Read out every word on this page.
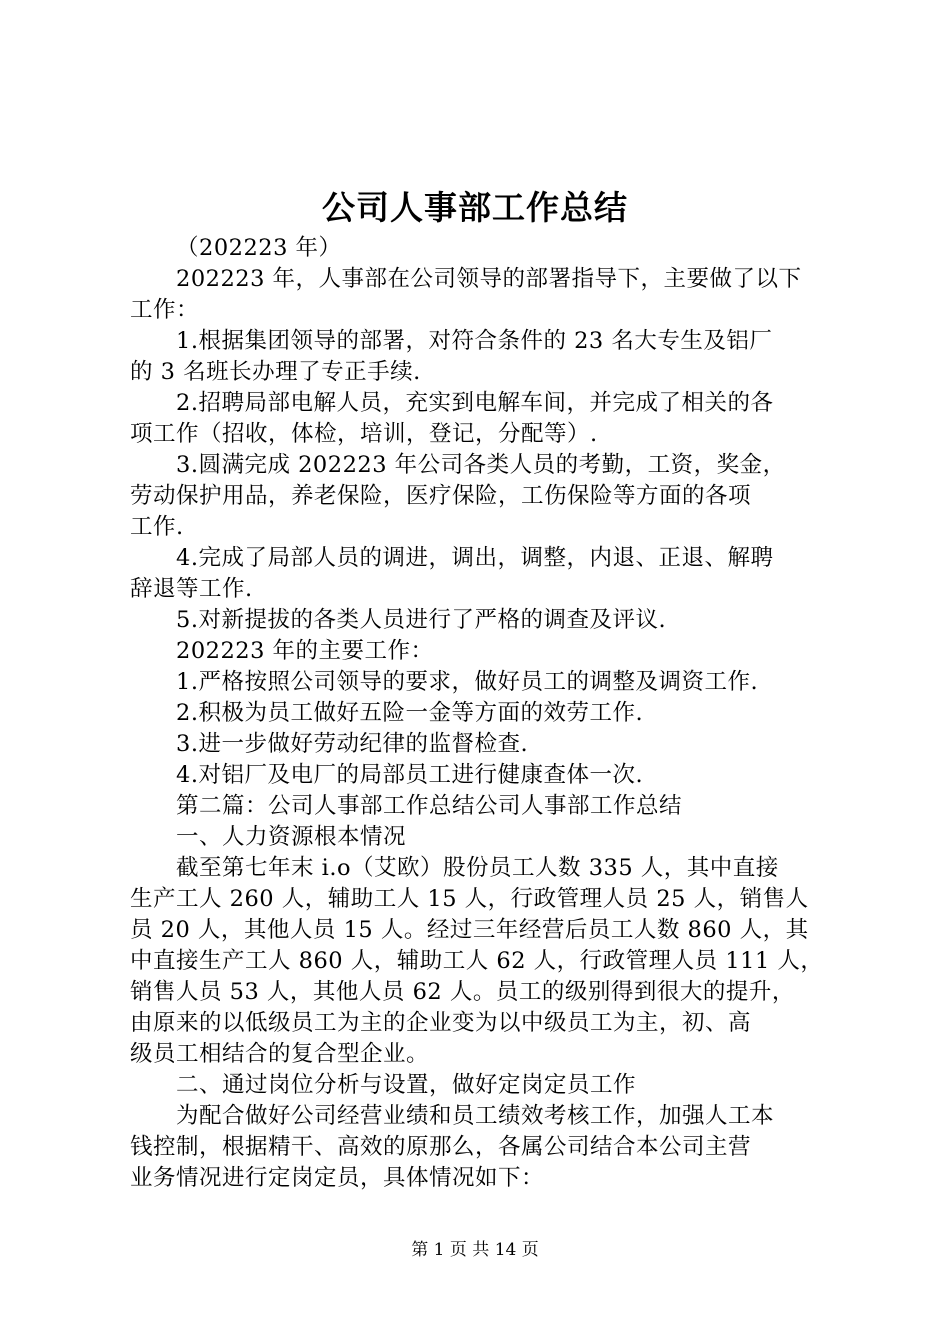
公司人事部工作总结
（202223 年）
202223 年，人事部在公司领导的部署指导下，主要做了以下
工作：
1.根据集团领导的部署，对符合条件的 23 名大专生及铝厂
的 3 名班长办理了专正手续.
2.招聘局部电解人员，充实到电解车间，并完成了相关的各
项工作（招收，体检，培训，登记，分配等）.
3.圆满完成 202223 年公司各类人员的考勤，工资，奖金，
劳动保护用品，养老保险，医疗保险，工伤保险等方面的各项
工作.
4.完成了局部人员的调进，调出，调整，内退、正退、解聘
辞退等工作.
5.对新提拔的各类人员进行了严格的调查及评议.
202223 年的主要工作：
1.严格按照公司领导的要求，做好员工的调整及调资工作.
2.积极为员工做好五险一金等方面的效劳工作.
3.进一步做好劳动纪律的监督检查.
4.对铝厂及电厂的局部员工进行健康查体一次.
第二篇：公司人事部工作总结公司人事部工作总结
一、人力资源根本情况
截至第七年末 i.o（艾欧）股份员工人数 335 人，其中直接
生产工人 260 人，辅助工人 15 人，行政管理人员 25 人，销售人
员 20 人，其他人员 15 人。经过三年经营后员工人数 860 人，其
中直接生产工人 860 人，辅助工人 62 人，行政管理人员 111 人，
销售人员 53 人，其他人员 62 人。员工的级别得到很大的提升，
由原来的以低级员工为主的企业变为以中级员工为主，初、高
级员工相结合的复合型企业。
二、通过岗位分析与设置，做好定岗定员工作
为配合做好公司经营业绩和员工绩效考核工作，加强人工本
钱控制，根据精干、高效的原那么，各属公司结合本公司主营
业务情况进行定岗定员，具体情况如下：
第 1 页 共 14 页
